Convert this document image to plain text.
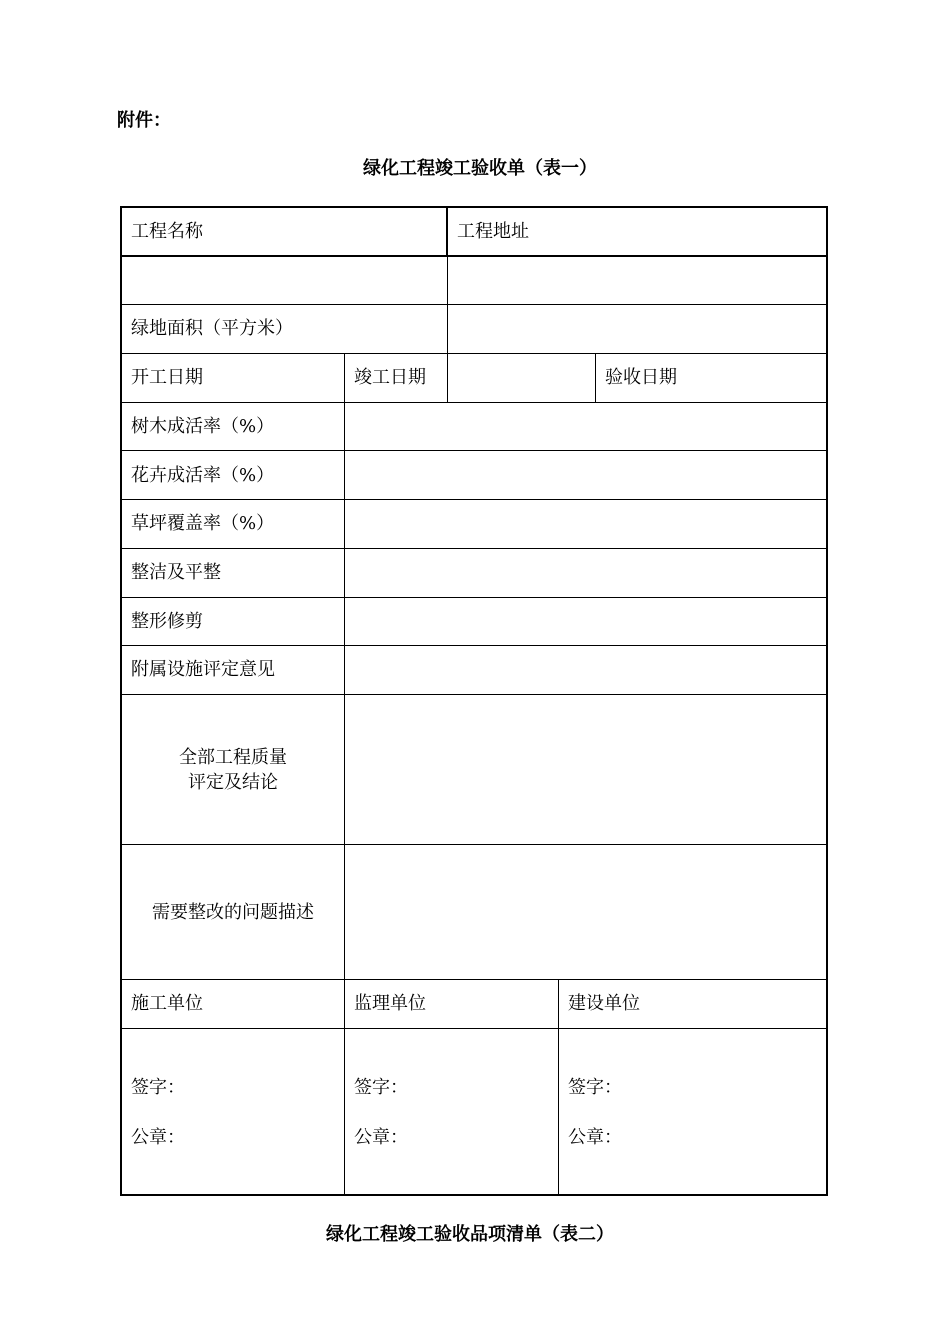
附件：
绿化工程竣工验收单（表一）
工程名称	工程地址
绿地面积（平方米）
开工日期	竣工日期	验收日期
树木成活率（%）
花卉成活率（%）
草坪覆盖率（%）
整洁及平整
整形修剪
附属设施评定意见
全部工程质量
评定及结论
需要整改的问题描述
施工单位	监理单位	建设单位
签字：	签字：	签字：
公章：	公章：	公章：
绿化工程竣工验收品项清单（表二）
